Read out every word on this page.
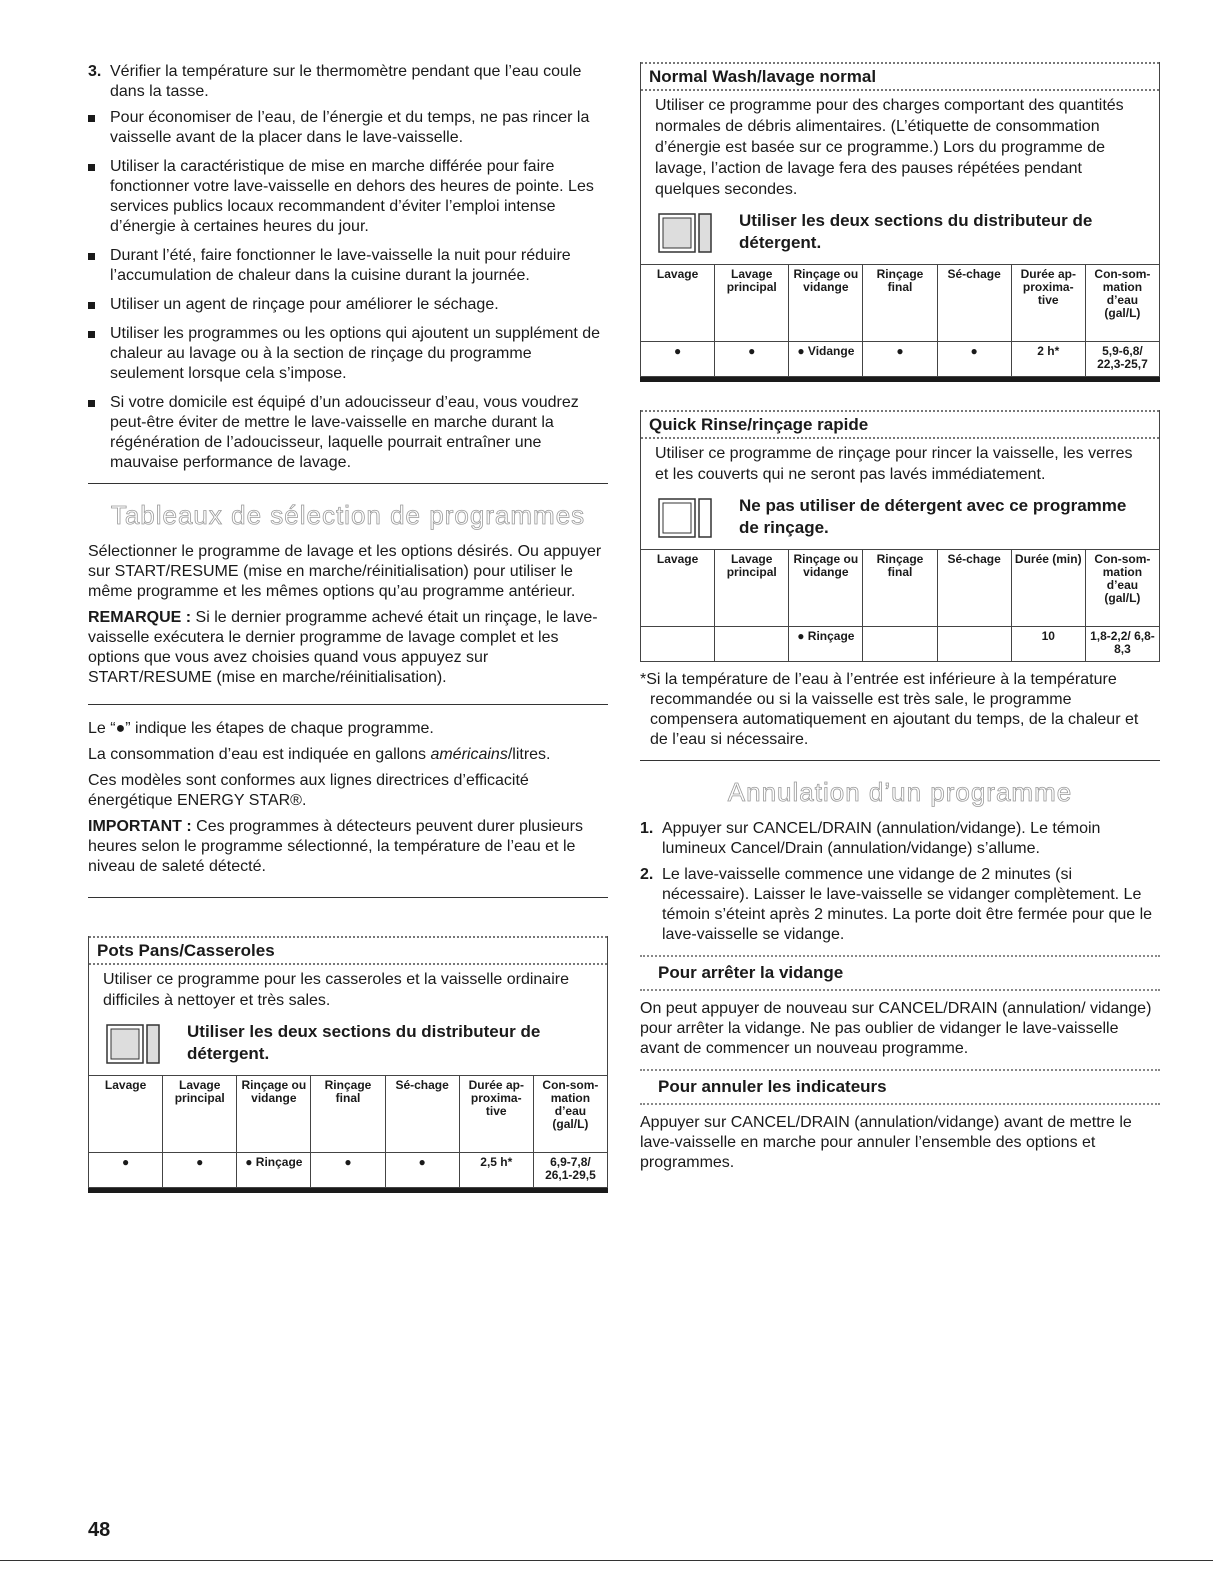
3. Vérifier la température sur le thermomètre pendant que l’eau coule dans la tasse.
Pour économiser de l’eau, de l’énergie et du temps, ne pas rincer la vaisselle avant de la placer dans le lave-vaisselle.
Utiliser la caractéristique de mise en marche différée pour faire fonctionner votre lave-vaisselle en dehors des heures de pointe. Les services publics locaux recommandent d’éviter l’emploi intense d’énergie à certaines heures du jour.
Durant l’été, faire fonctionner le lave-vaisselle la nuit pour réduire l’accumulation de chaleur dans la cuisine durant la journée.
Utiliser un agent de rinçage pour améliorer le séchage.
Utiliser les programmes ou les options qui ajoutent un supplément de chaleur au lavage ou à la section de rinçage du programme seulement lorsque cela s’impose.
Si votre domicile est équipé d’un adoucisseur d’eau, vous voudrez peut-être éviter de mettre le lave-vaisselle en marche durant la régénération de l’adoucisseur, laquelle pourrait entraîner une mauvaise performance de lavage.
Tableaux de sélection de programmes

Sélectionner le programme de lavage et les options désirés. Ou appuyer sur START/RESUME (mise en marche/réinitialisation) pour utiliser le même programme et les mêmes options qu’au programme antérieur.

REMARQUE : Si le dernier programme achevé était un rinçage, le lave-vaisselle exécutera le dernier programme de lavage complet et les options que vous avez choisies quand vous appuyez sur START/RESUME (mise en marche/réinitialisation).

Le “●” indique les étapes de chaque programme.

La consommation d’eau est indiquée en gallons américains/litres.

Ces modèles sont conformes aux lignes directrices d’efficacité énergétique ENERGY STAR®.

IMPORTANT : Ces programmes à détecteurs peuvent durer plusieurs heures selon le programme sélectionné, la température de l’eau et le niveau de saleté détecté.

Pots Pans/Casseroles
Utiliser ce programme pour les casseroles et la vaisselle ordinaire difficiles à nettoyer et très sales.
Utiliser les deux sections du distributeur de détergent.
Lavage	Lavage principal	Rinçage ou vidange	Rinçage final	Sé-chage	Durée ap-proxima-tive	Con-som-mation d’eau (gal/L)
●	●	● Rinçage	●	●	2,5 h*	6,9-7,8/ 26,1-29,5
Normal Wash/lavage normal
Utiliser ce programme pour des charges comportant des quantités normales de débris alimentaires. (L’étiquette de consommation d’énergie est basée sur ce programme.) Lors du programme de lavage, l’action de lavage fera des pauses répétées pendant quelques secondes.
Utiliser les deux sections du distributeur de détergent.
Lavage	Lavage principal	Rinçage ou vidange	Rinçage final	Sé-chage	Durée ap-proxima-tive	Con-som-mation d’eau (gal/L)
●	●	● Vidange	●	●	2 h*	5,9-6,8/ 22,3-25,7
Quick Rinse/rinçage rapide
Utiliser ce programme de rinçage pour rincer la vaisselle, les verres et les couverts qui ne seront pas lavés immédiatement.
Ne pas utiliser de détergent avec ce programme de rinçage.
Lavage	Lavage principal	Rinçage ou vidange	Rinçage final	Sé-chage	Durée (min)	Con-som-mation d’eau (gal/L)
		● Rinçage			10	1,8-2,2/ 6,8-8,3

*Si la température de l’eau à l’entrée est inférieure à la température recommandée ou si la vaisselle est très sale, le programme compensera automatiquement en ajoutant du temps, de la chaleur et de l’eau si nécessaire.

Annulation d’un programme
1. Appuyer sur CANCEL/DRAIN (annulation/vidange). Le témoin lumineux Cancel/Drain (annulation/vidange) s’allume.
2. Le lave-vaisselle commence une vidange de 2 minutes (si nécessaire). Laisser le lave-vaisselle se vidanger complètement. Le témoin s’éteint après 2 minutes. La porte doit être fermée pour que le lave-vaisselle se vidange.
Pour arrêter la vidange

On peut appuyer de nouveau sur CANCEL/DRAIN (annulation/ vidange) pour arrêter la vidange. Ne pas oublier de vidanger le lave-vaisselle avant de commencer un nouveau programme.

Pour annuler les indicateurs

Appuyer sur CANCEL/DRAIN (annulation/vidange) avant de mettre le lave-vaisselle en marche pour annuler l’ensemble des options et programmes.

48
